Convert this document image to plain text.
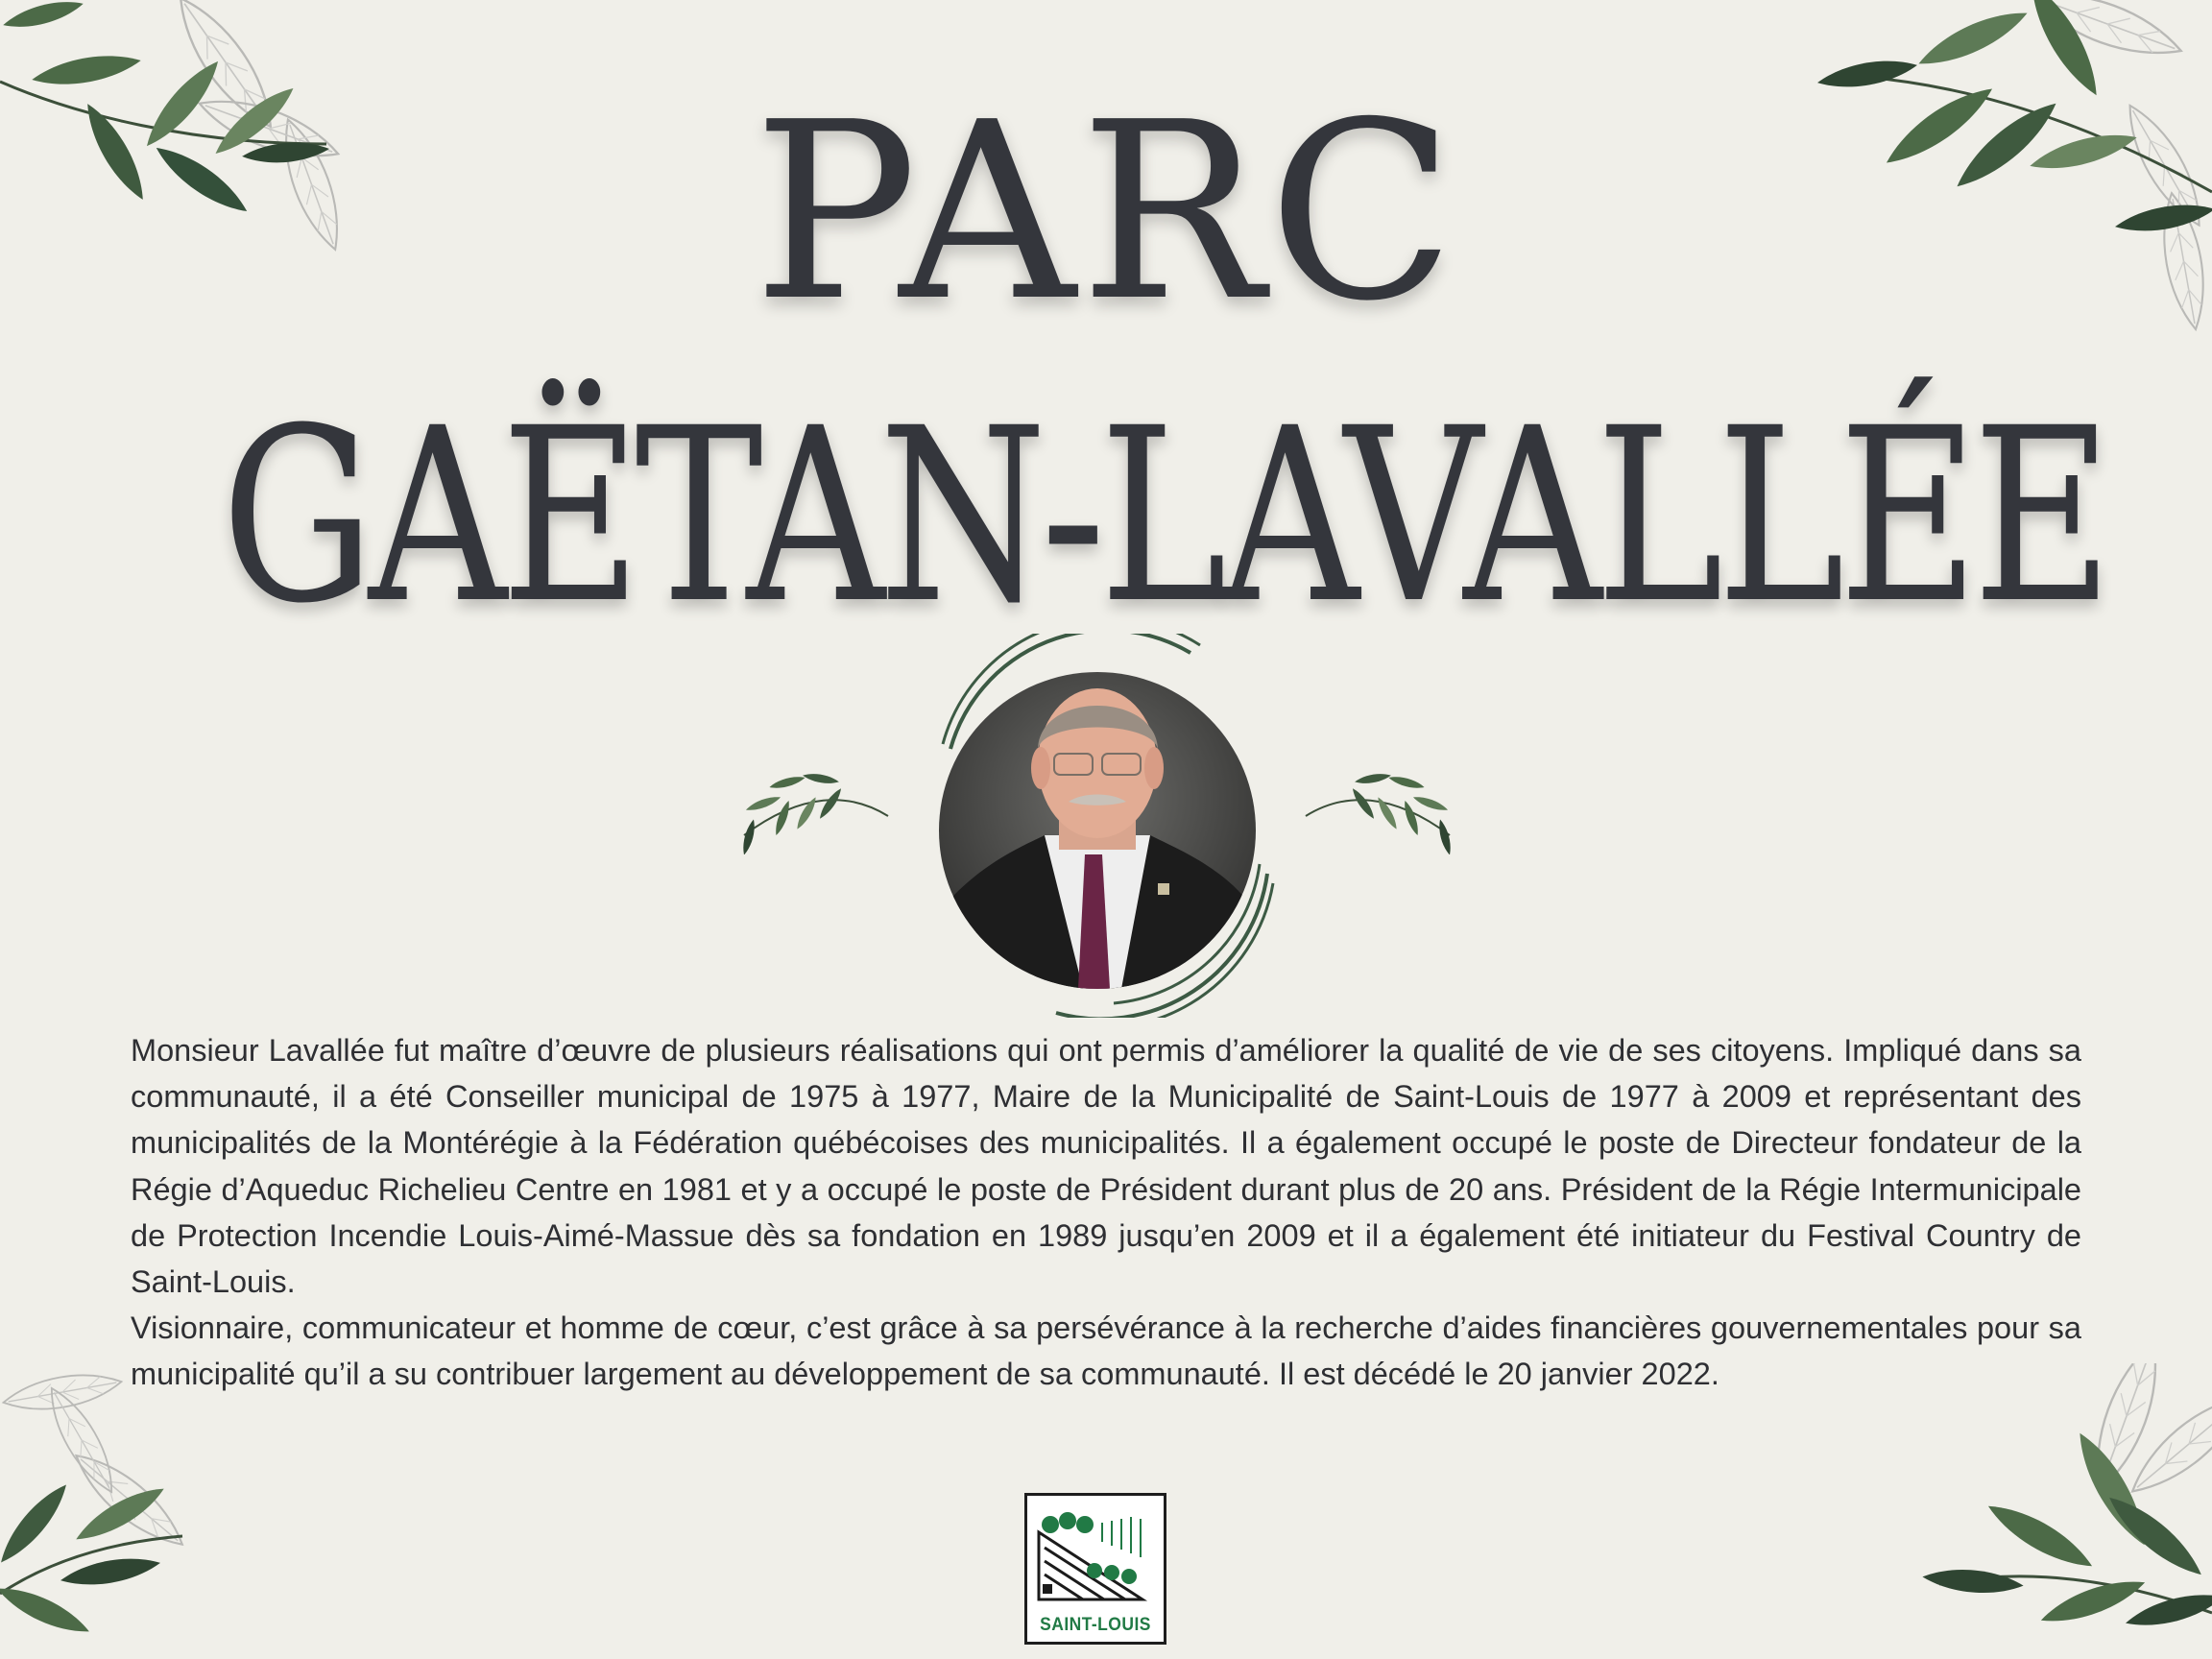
PARC
GAËTAN-LAVALLÉE

Monsieur Lavallée fut maître d’œuvre de plusieurs réalisations qui ont permis d’améliorer la qualité de vie de ses citoyens. Impliqué dans sa communauté, il a été Conseiller municipal de 1975 à 1977, Maire de la Municipalité de Saint-Louis de 1977 à 2009 et représentant des municipalités de la Montérégie à la Fédération québécoises des municipalités. Il a également occupé le poste de Directeur fondateur de la Régie d’Aqueduc Richelieu Centre en 1981 et y a occupé le poste de Président durant plus de 20 ans. Président de la Régie Intermunicipale de Protection Incendie Louis-Aimé-Massue dès sa fondation en 1989 jusqu’en 2009 et il a également été initiateur du Festival Country de Saint-Louis.

Visionnaire, communicateur et homme de cœur, c’est grâce à sa persévérance à la recherche d’aides financières gouvernementales pour sa municipalité qu’il a su contribuer largement au développement de sa communauté. Il est décédé le 20 janvier 2022.

SAINT-LOUIS
